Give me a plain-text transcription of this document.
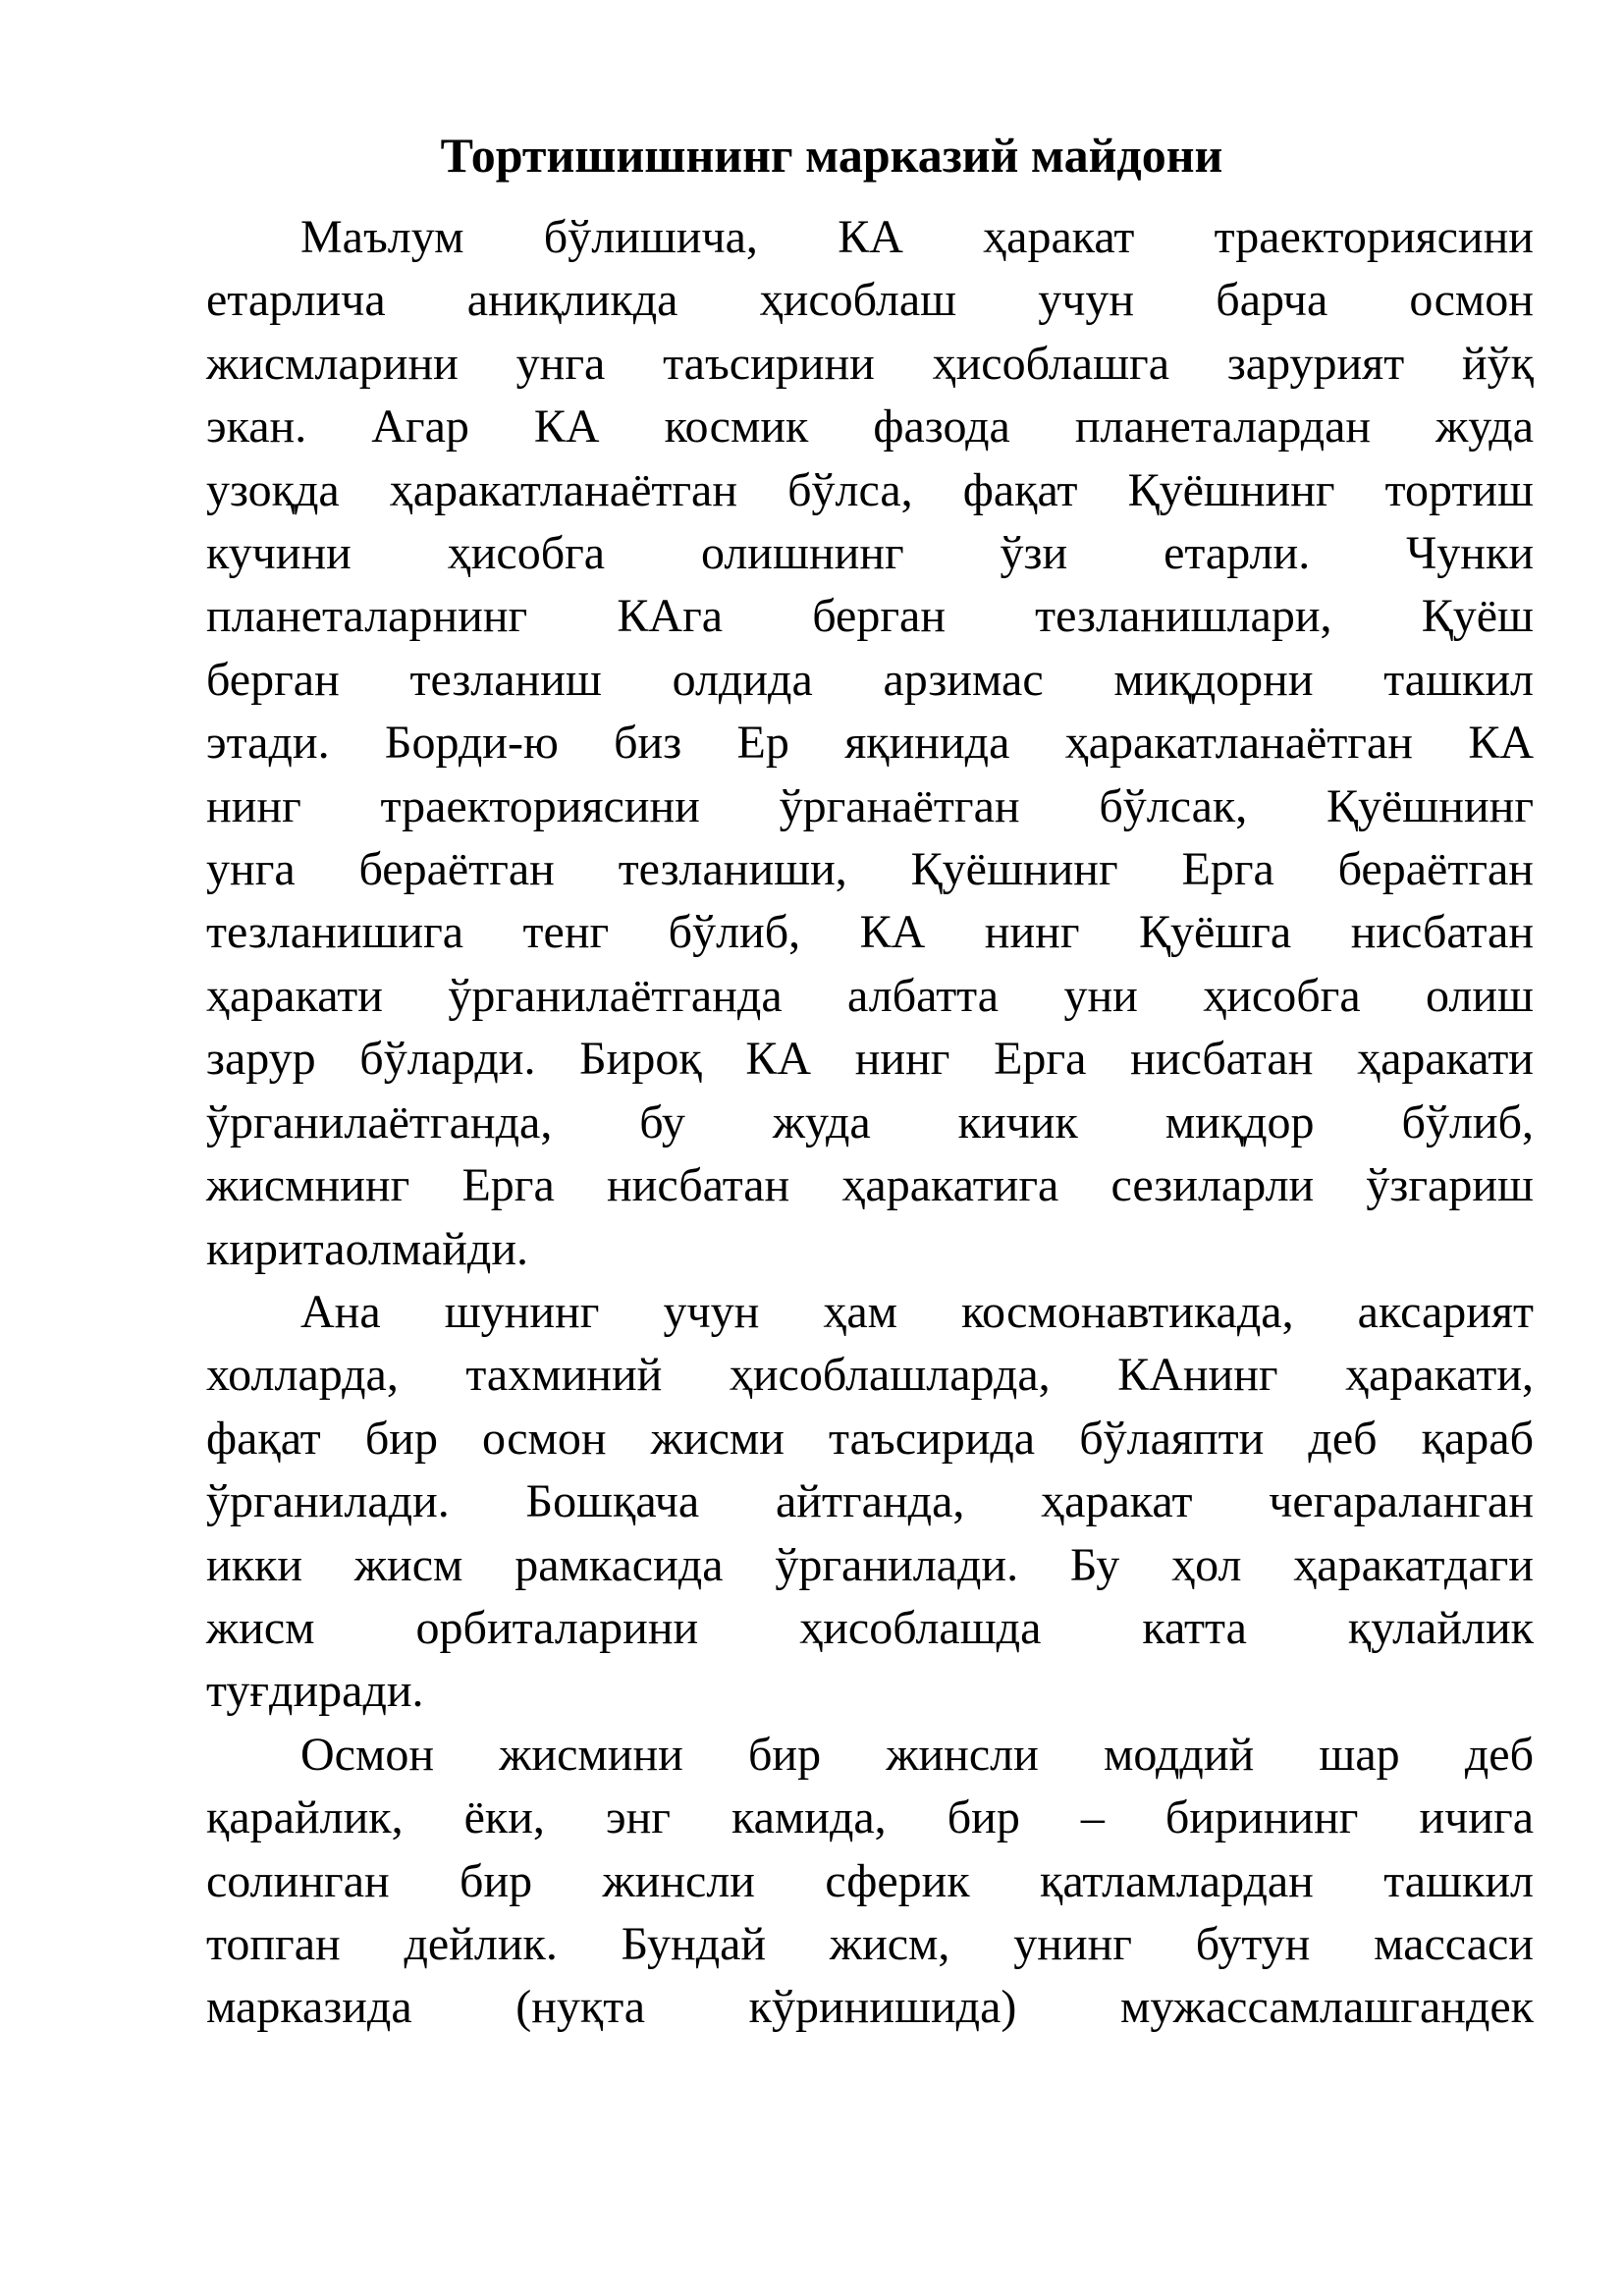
Тортишишнинг марказий майдони

Маълум бўлишича, КА ҳаракат траекториясини
етарлича аниқликда ҳисоблаш учун барча осмон
жисмларини унга таъсирини ҳисоблашга зарурият йўқ
экан. Агар КА космик фазода планеталардан жуда
узоқда ҳаракатланаётган бўлса, фақат Қуёшнинг тортиш
кучини ҳисобга олишнинг ўзи етарли. Чунки
планеталарнинг КАга берган тезланишлари, Қуёш
берган тезланиш олдида арзимас миқдорни ташкил
этади. Борди-ю биз Ер яқинида ҳаракатланаётган КА
нинг траекториясини ўрганаётган бўлсак, Қуёшнинг
унга бераётган тезланиши, Қуёшнинг Ерга бераётган
тезланишига тенг бўлиб, КА нинг Қуёшга нисбатан
ҳаракати ўрганилаётганда албатта уни ҳисобга олиш
зарур бўларди. Бироқ КА нинг Ерга нисбатан ҳаракати
ўрганилаётганда, бу жуда кичик миқдор бўлиб,
жисмнинг Ерга нисбатан ҳаракатига сезиларли ўзгариш
киритаолмайди.

Ана шунинг учун ҳам космонавтикада, аксарият
холларда, тахминий ҳисоблашларда, КАнинг ҳаракати,
фақат бир осмон жисми таъсирида бўлаяпти деб қараб
ўрганилади. Бошқача айтганда, ҳаракат чегараланган
икки жисм рамкасида ўрганилади. Бу ҳол ҳаракатдаги
жисм орбиталарини ҳисоблашда катта қулайлик
туғдиради.

Осмон жисмини бир жинсли моддий шар деб
қарайлик, ёки, энг камида, бир – бирининг ичига
солинган бир жинсли сферик қатламлардан ташкил
топган дейлик. Бундай жисм, унинг бутун массаси
марказида (нуқта кўринишида) мужассамлашгандек
